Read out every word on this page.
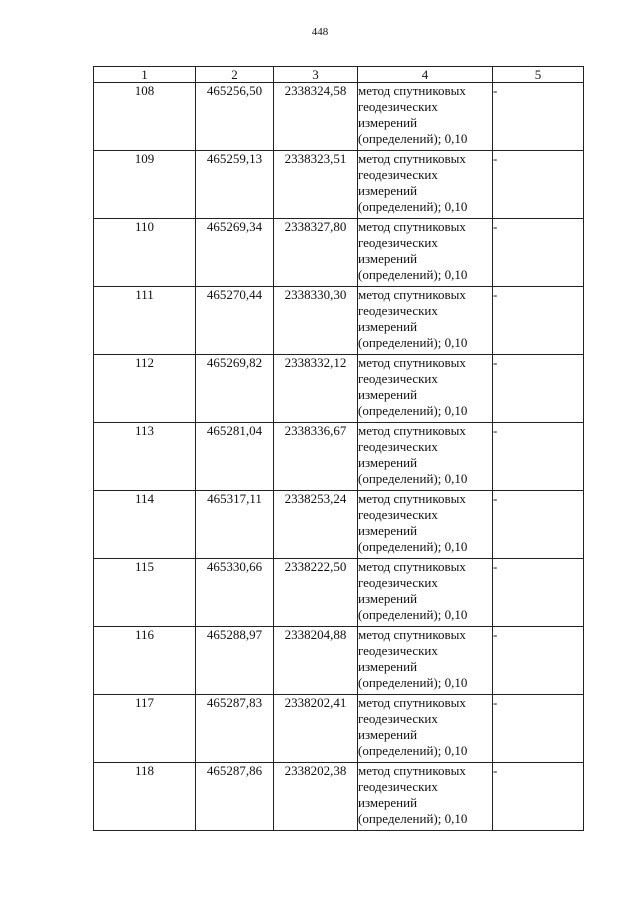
448
1	2	3	4	5
108	465256,50	2338324,58	метод спутниковых
геодезических
измерений
(определений); 0,10	-
109	465259,13	2338323,51	метод спутниковых
геодезических
измерений
(определений); 0,10	-
110	465269,34	2338327,80	метод спутниковых
геодезических
измерений
(определений); 0,10	-
111	465270,44	2338330,30	метод спутниковых
геодезических
измерений
(определений); 0,10	-
112	465269,82	2338332,12	метод спутниковых
геодезических
измерений
(определений); 0,10	-
113	465281,04	2338336,67	метод спутниковых
геодезических
измерений
(определений); 0,10	-
114	465317,11	2338253,24	метод спутниковых
геодезических
измерений
(определений); 0,10	-
115	465330,66	2338222,50	метод спутниковых
геодезических
измерений
(определений); 0,10	-
116	465288,97	2338204,88	метод спутниковых
геодезических
измерений
(определений); 0,10	-
117	465287,83	2338202,41	метод спутниковых
геодезических
измерений
(определений); 0,10	-
118	465287,86	2338202,38	метод спутниковых
геодезических
измерений
(определений); 0,10	-
